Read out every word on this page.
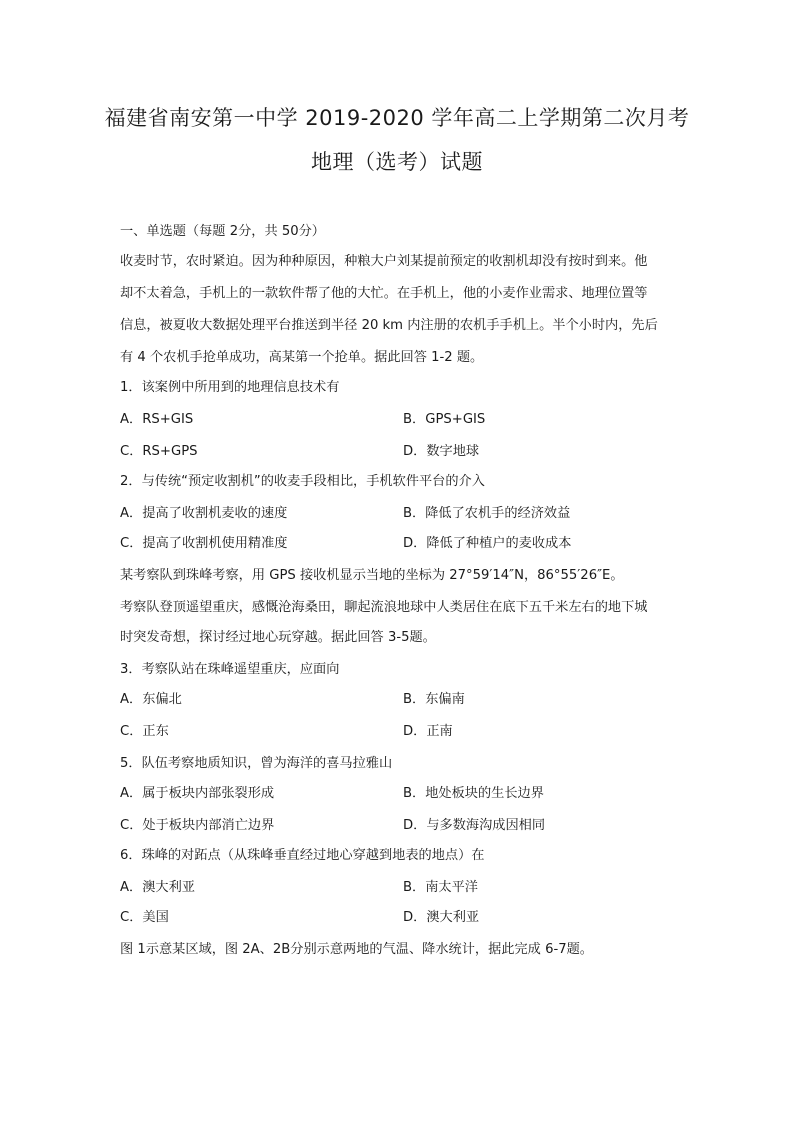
福建省南安第一中学 2019-2020 学年高二上学期第二次月考
地理（选考）试题
一、单选题（每题 2分，共 50分）
收麦时节，农时紧迫。因为种种原因，种粮大户刘某提前预定的收割机却没有按时到来。他
却不太着急，手机上的一款软件帮了他的大忙。在手机上，他的小麦作业需求、地理位置等
信息，被夏收大数据处理平台推送到半径 20 km 内注册的农机手手机上。半个小时内，先后
有 4 个农机手抢单成功，高某第一个抢单。据此回答 1-2 题。
1．该案例中所用到的地理信息技术有
A．RS+GIS	B．GPS+GIS
C．RS+GPS	D．数字地球
2．与传统“预定收割机”的收麦手段相比，手机软件平台的介入
A．提高了收割机麦收的速度	B．降低了农机手的经济效益
C．提高了收割机使用精准度	D．降低了种植户的麦收成本
某考察队到珠峰考察，用 GPS 接收机显示当地的坐标为 27°59′14″N，86°55′26″E。
考察队登顶遥望重庆，感慨沧海桑田，聊起流浪地球中人类居住在底下五千米左右的地下城
时突发奇想，探讨经过地心玩穿越。据此回答 3-5题。
3．考察队站在珠峰遥望重庆，应面向
A．东偏北	B．东偏南
C．正东	D．正南
5．队伍考察地质知识，曾为海洋的喜马拉雅山
A．属于板块内部张裂形成	B．地处板块的生长边界
C．处于板块内部消亡边界	D．与多数海沟成因相同
6．珠峰的对跖点（从珠峰垂直经过地心穿越到地表的地点）在
A．澳大利亚	B．南太平洋
C．美国	D．澳大利亚
图 1示意某区域，图 2A、2B分别示意两地的气温、降水统计，据此完成 6-7题。
